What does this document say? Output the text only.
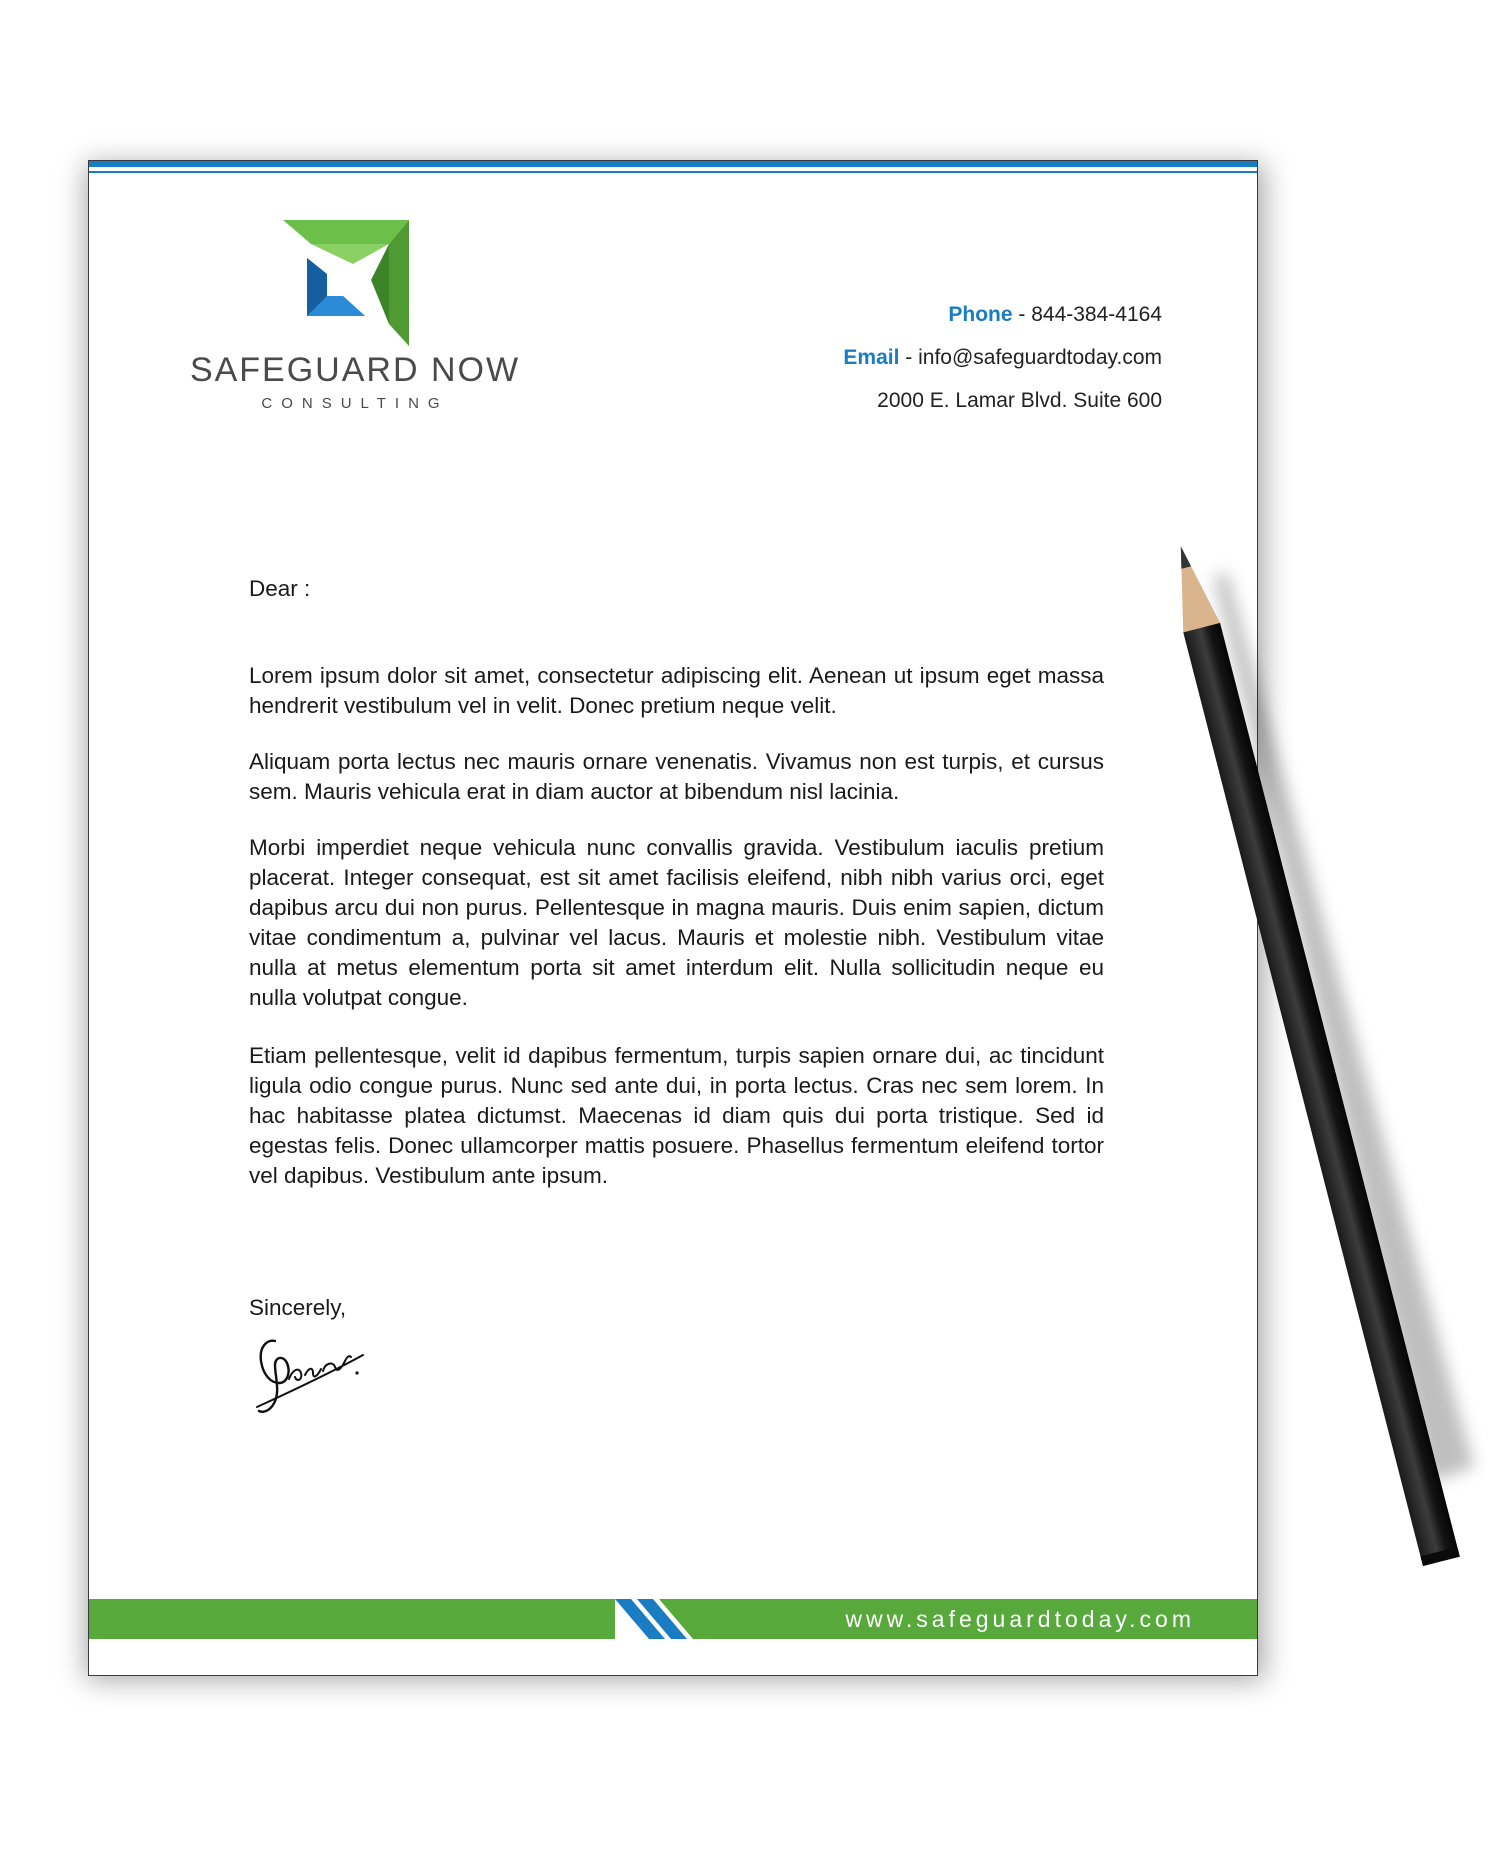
SAFEGUARD NOW
CONSULTING
Phone - 844-384-4164
Email - info@safeguardtoday.com
2000 E. Lamar Blvd. Suite 600
Dear :
Lorem ipsum dolor sit amet, consectetur adipiscing elit. Aenean ut ipsum eget massa hendrerit vestibulum vel in velit. Donec pretium neque velit.
Aliquam porta lectus nec mauris ornare venenatis. Vivamus non est turpis, et cursus sem. Mauris vehicula erat in diam auctor at bibendum nisl lacinia.
Morbi imperdiet neque vehicula nunc convallis gravida. Vestibulum iaculis pretium placerat. Integer consequat, est sit amet facilisis eleifend, nibh nibh varius orci, eget dapibus arcu dui non purus. Pellentesque in magna mauris. Duis enim sapien, dictum vitae condimentum a, pulvinar vel lacus. Mauris et molestie nibh. Vestibulum vitae nulla at metus elementum porta sit amet interdum elit. Nulla sollicitudin neque eu nulla volutpat congue.
Etiam pellentesque, velit id dapibus fermentum, turpis sapien ornare dui, ac tincidunt ligula odio congue purus. Nunc sed ante dui, in porta lectus. Cras nec sem lorem. In hac habitasse platea dictumst. Maecenas id diam quis dui porta tristique. Sed id egestas felis. Donec ullamcorper mattis posuere. Phasellus fermentum eleifend tortor vel dapibus. Vestibulum ante ipsum.
Sincerely,
www.safeguardtoday.com
